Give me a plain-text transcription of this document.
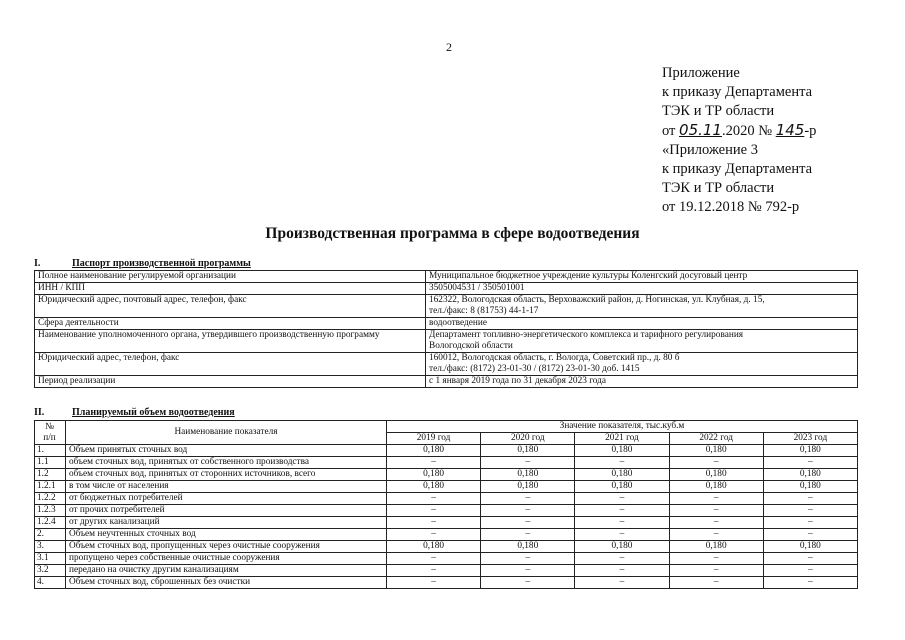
2
Приложение
к приказу Департамента
ТЭК и ТР области
от 05.11.2020 № 145-р
«Приложение 3
к приказу Департамента
ТЭК и ТР области
от 19.12.2018 № 792-р
Производственная программа в сфере водоотведения
I.	Паспорт производственной программы
Полное наименование регулируемой организации	Муниципальное бюджетное учреждение культуры Коленгский досуговый центр

ИНН / КПП	3505004531 / 350501001

Юридический адрес, почтовый адрес, телефон, факс	162322, Вологодская область, Верховажский район, д. Ногинская, ул. Клубная, д. 15,
тел./факс: 8 (81753) 44-1-17

Сфера деятельности	водоотведение

Наименование уполномоченного органа, утвердившего производственную программу	Департамент топливно-энергетического комплекса и тарифного регулирования
Вологодской области

Юридический адрес, телефон, факс	160012, Вологодская область, г. Вологда, Советский пр., д. 80 б
тел./факс: (8172) 23-01-30 / (8172) 23-01-30 доб. 1415

Период реализации	с 1 января 2019 года по 31 декабря 2023 года
II.	Планируемый объем водоотведения
№
п/п	Наименование показателя	Значение показателя, тыс.куб.м				
		2019 год	2020 год	2021 год	2022 год	2023 год
1.	Объем принятых сточных вод	0,180	0,180	0,180	0,180	0,180
1.1	объем сточных вод, принятых от собственного производства	–	–	–	–	–
1.2	объем сточных вод, принятых от сторонних источников, всего	0,180	0,180	0,180	0,180	0,180
1.2.1	в том числе от населения	0,180	0,180	0,180	0,180	0,180
1.2.2	от бюджетных потребителей	–	–	–	–	–
1.2.3	от прочих потребителей	–	–	–	–	–
1.2.4	от других канализаций	–	–	–	–	–
2.	Объем неучтенных сточных вод	–	–	–	–	–
3.	Объем сточных вод, пропущенных через очистные сооружения	0,180	0,180	0,180	0,180	0,180
3.1	пропущено через собственные очистные сооружения	–	–	–	–	–
3.2	передано на очистку другим канализациям	–	–	–	–	–
4.	Объем сточных вод, сброшенных без очистки	–	–	–	–	–
